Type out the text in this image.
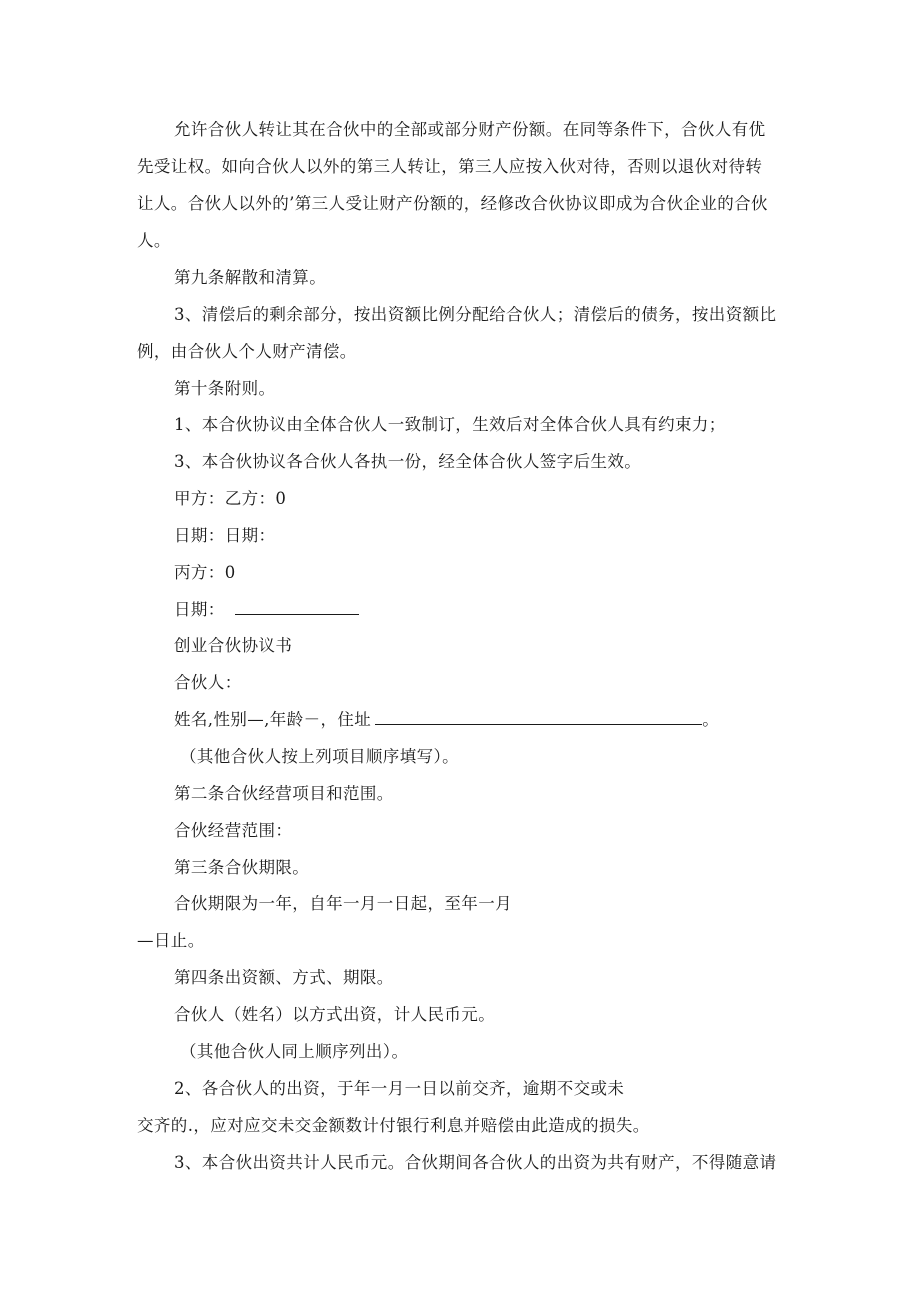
允许合伙人转让其在合伙中的全部或部分财产份额。在同等条件下，合伙人有优
先受让权。如向合伙人以外的第三人转让，第三人应按入伙对待，否则以退伙对待转
让人。合伙人以外的’第三人受让财产份额的，经修改合伙协议即成为合伙企业的合伙
人。
第九条解散和清算。
3、清偿后的剩余部分，按出资额比例分配给合伙人；清偿后的债务，按出资额比
例，由合伙人个人财产清偿。
第十条附则。
1、本合伙协议由全体合伙人一致制订，生效后对全体合伙人具有约束力；
3、本合伙协议各合伙人各执一份，经全体合伙人签字后生效。
甲方：乙方：0
日期：日期：
丙方：0
日期：
创业合伙协议书
合伙人：
姓名,性别—,年龄－，住址	。
（其他合伙人按上列项目顺序填写）。
第二条合伙经营项目和范围。
合伙经营范围：
第三条合伙期限。
合伙期限为一年，自年一月一日起，至年一月
—日止。
第四条出资额、方式、期限。
合伙人（姓名）以方式出资，计人民币元。
（其他合伙人同上顺序列出）。
2、各合伙人的出资，于年一月一日以前交齐，逾期不交或未
交齐的.，应对应交未交金额数计付银行利息并赔偿由此造成的损失。
3、本合伙出资共计人民币元。合伙期间各合伙人的出资为共有财产，不得随意请
